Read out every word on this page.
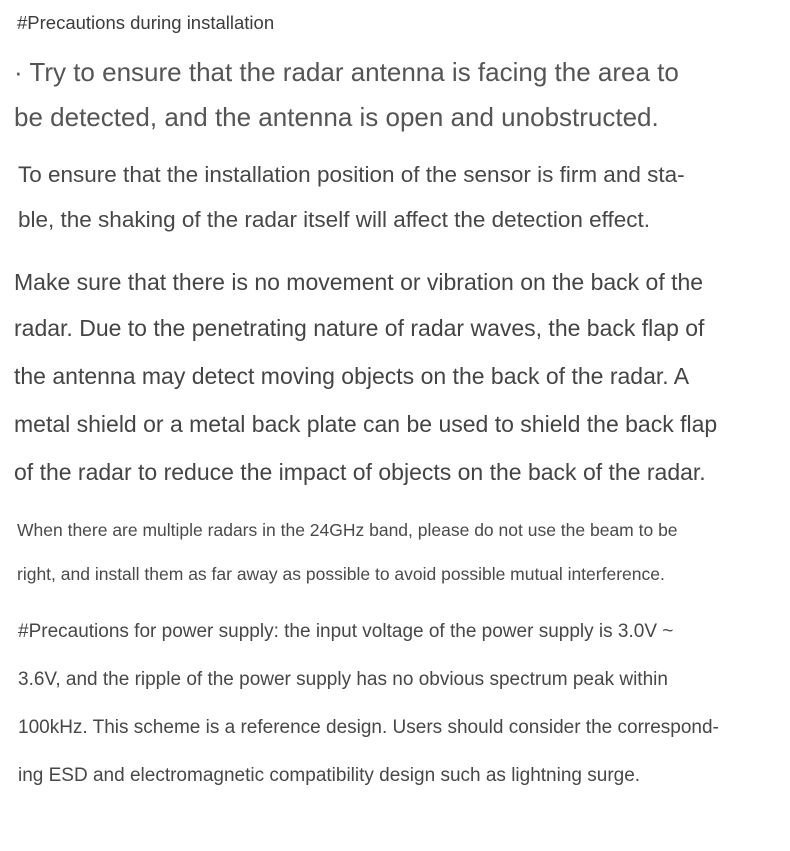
#Precautions during installation

· Try to ensure that the radar antenna is facing the area to

be detected, and the antenna is open and unobstructed.

To ensure that the installation position of the sensor is firm and sta-

ble, the shaking of the radar itself will affect the detection effect.

Make sure that there is no movement or vibration on the back of the

radar. Due to the penetrating nature of radar waves, the back flap of

the antenna may detect moving objects on the back of the radar. A

metal shield or a metal back plate can be used to shield the back flap

of the radar to reduce the impact of objects on the back of the radar.

When there are multiple radars in the 24GHz band, please do not use the beam to be

right, and install them as far away as possible to avoid possible mutual interference.

#Precautions for power supply: the input voltage of the power supply is 3.0V ~

3.6V, and the ripple of the power supply has no obvious spectrum peak within

100kHz. This scheme is a reference design. Users should consider the correspond-

ing ESD and electromagnetic compatibility design such as lightning surge.
